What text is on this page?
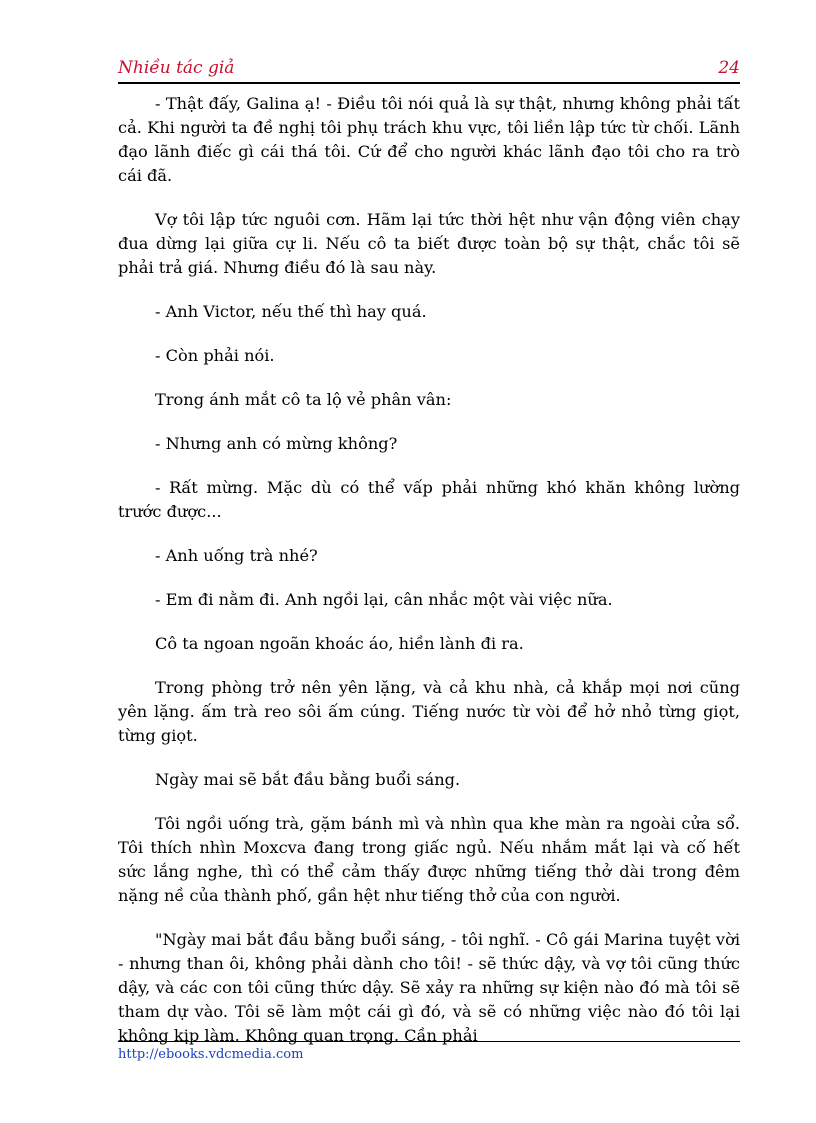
Nhiều tác giả	24

- Thật đấy, Galina ạ! - Điều tôi nói quả là sự thật, nhưng không phải tất cả. Khi người ta đề nghị tôi phụ trách khu vực, tôi liền lập tức từ chối. Lãnh đạo lãnh điếc gì cái thá tôi. Cứ để cho người khác lãnh đạo tôi cho ra trò cái đã.

Vợ tôi lập tức nguôi cơn. Hãm lại tức thời hệt như vận động viên chạy đua dừng lại giữa cự li. Nếu cô ta biết được toàn bộ sự thật, chắc tôi sẽ phải trả giá. Nhưng điều đó là sau này.

- Anh Victor, nếu thế thì hay quá.

- Còn phải nói.

Trong ánh mắt cô ta lộ vẻ phân vân:

- Nhưng anh có mừng không?

- Rất mừng. Mặc dù có thể vấp phải những khó khăn không lường trước được...

- Anh uống trà nhé?

- Em đi nằm đi. Anh ngồi lại, cân nhắc một vài việc nữa.

Cô ta ngoan ngoãn khoác áo, hiền lành đi ra.

Trong phòng trở nên yên lặng, và cả khu nhà, cả khắp mọi nơi cũng yên lặng. ấm trà reo sôi ấm cúng. Tiếng nước từ vòi để hở nhỏ từng giọt, từng giọt.

Ngày mai sẽ bắt đầu bằng buổi sáng.

Tôi ngồi uống trà, gặm bánh mì và nhìn qua khe màn ra ngoài cửa sổ. Tôi thích nhìn Moxcva đang trong giấc ngủ. Nếu nhắm mắt lại và cố hết sức lắng nghe, thì có thể cảm thấy được những tiếng thở dài trong đêm nặng nề của thành phố, gần hệt như tiếng thở của con người.

"Ngày mai bắt đầu bằng buổi sáng, - tôi nghĩ. - Cô gái Marina tuyệt vời - nhưng than ôi, không phải dành cho tôi! - sẽ thức dậy, và vợ tôi cũng thức dậy, và các con tôi cũng thức dậy. Sẽ xảy ra những sự kiện nào đó mà tôi sẽ tham dự vào. Tôi sẽ làm một cái gì đó, và sẽ có những việc nào đó tôi lại không kịp làm. Không quan trọng. Cần phải

http://ebooks.vdcmedia.com
